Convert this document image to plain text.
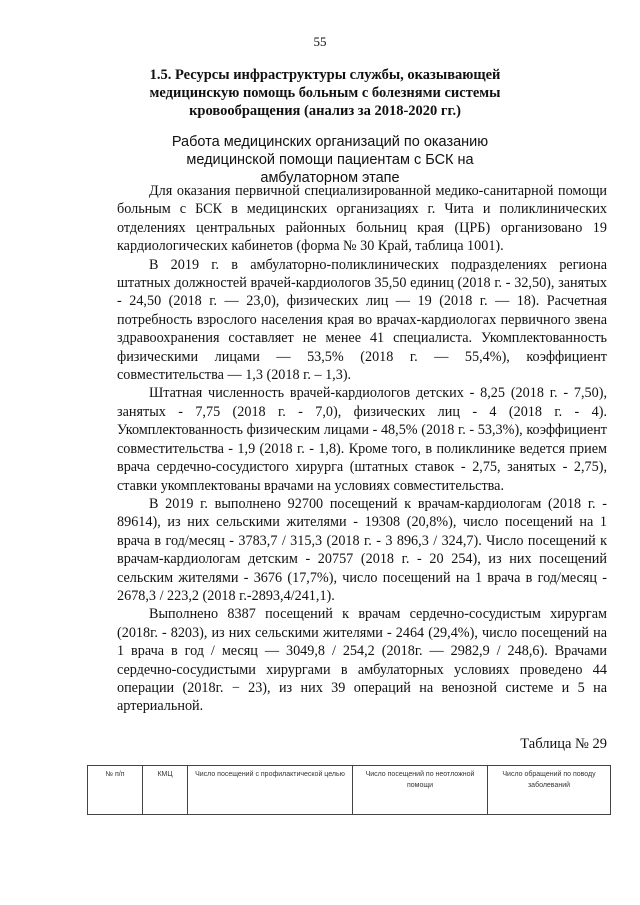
55
1.5. Ресурсы инфраструктуры службы, оказывающей медицинскую помощь больным с болезнями системы кровообращения (анализ за 2018-2020 гг.)
Работа медицинских организаций по оказанию медицинской помощи пациентам с БСК на амбулаторном этапе

Для оказания первичной специализированной медико-санитарной помощи больным с БСК в медицинских организациях г. Чита и поликлинических отделениях центральных районных больниц края (ЦРБ) организовано 19 кардиологических кабинетов (форма № 30 Край, таблица 1001).

В 2019 г. в амбулаторно-поликлинических подразделениях региона штатных должностей врачей-кардиологов 35,50 единиц (2018 г. - 32,50), занятых - 24,50 (2018 г. — 23,0), физических лиц — 19 (2018 г. — 18). Расчетная потребность взрослого населения края во врачах-кардиологах первичного звена здравоохранения составляет не менее 41 специалиста. Укомплектованность физическими лицами — 53,5% (2018 г. — 55,4%), коэффициент совместительства — 1,3 (2018 г. – 1,3).

Штатная численность врачей-кардиологов детских - 8,25 (2018 г. - 7,50), занятых - 7,75 (2018 г. - 7,0), физических лиц - 4 (2018 г. - 4). Укомплектованность физическим лицами - 48,5% (2018 г. - 53,3%), коэффициент совместительства - 1,9 (2018 г. - 1,8). Кроме того, в поликлинике ведется прием врача сердечно-сосудистого хирурга (штатных ставок - 2,75, занятых - 2,75), ставки укомплектованы врачами на условиях совместительства.

В 2019 г. выполнено 92700 посещений к врачам-кардиологам (2018 г. - 89614), из них сельскими жителями - 19308 (20,8%), число посещений на 1 врача в год/месяц - 3783,7 / 315,3 (2018 г. - 3 896,3 / 324,7). Число посещений к врачам-кардиологам детским - 20757 (2018 г. - 20 254), из них посещений сельским жителями - 3676 (17,7%), число посещений на 1 врача в год/месяц - 2678,3 / 223,2 (2018 г.-2893,4/241,1).

Выполнено 8387 посещений к врачам сердечно-сосудистым хирургам (2018г. - 8203), из них сельскими жителями - 2464 (29,4%), число посещений на 1 врача в год / месяц — 3049,8 / 254,2 (2018г. — 2982,9 / 248,6). Врачами сердечно-сосудистыми хирургами в амбулаторных условиях проведено 44 операции (2018г. − 23), из них 39 операций на венозной системе и 5 на артериальной.

Таблица № 29
№ п/п	КМЦ	Число посещений с профилактической целью	Число посещений по неотложной помощи	Число обращений по поводу заболеваний
